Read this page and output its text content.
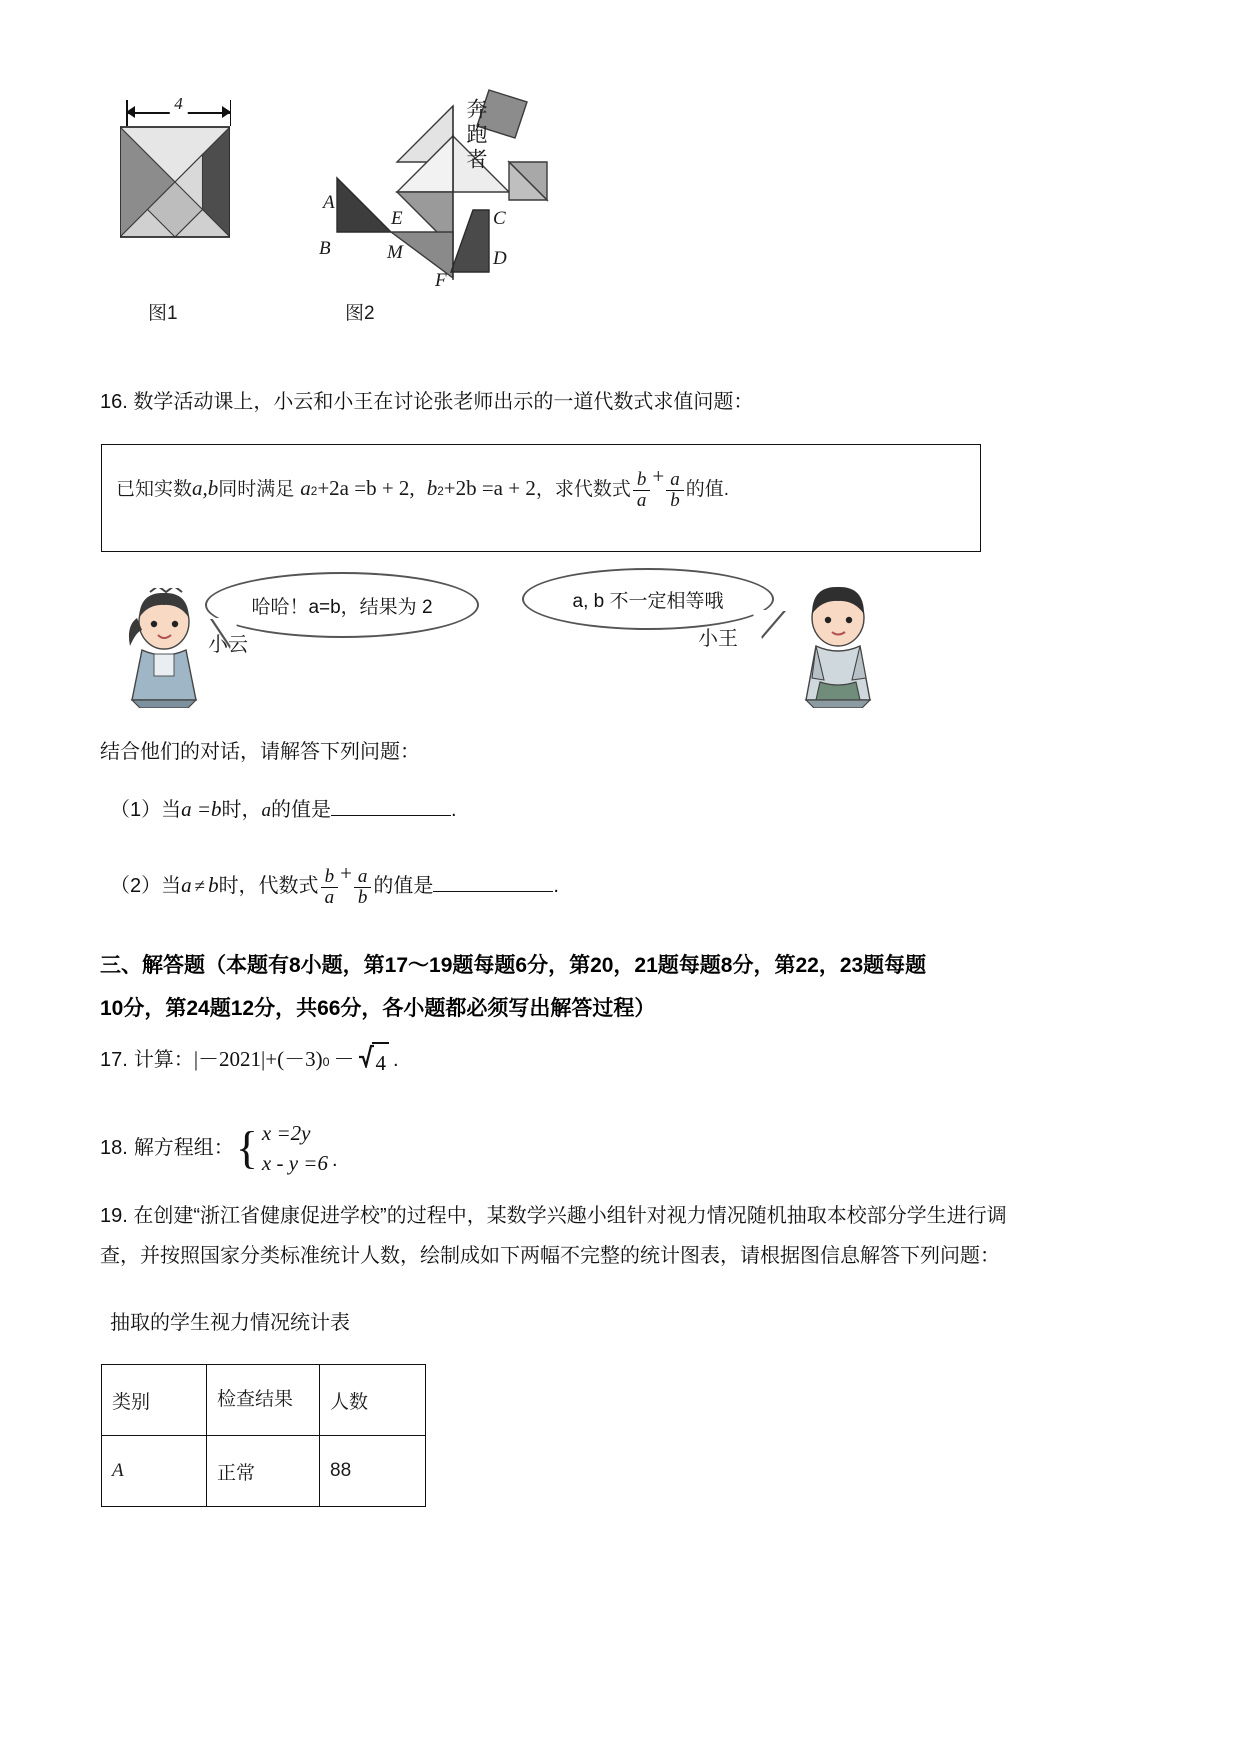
4
A
E
B	M
C
D
F
奔跑者
图1	图2
16. 数学活动课上，小云和小王在讨论张老师出示的一道代数式求值问题：
已知实数 a,b 同时满足 a 2 +2a =b + 2, b 2 +2b =a + 2 ， 求代数式 $\frac{b}{a} + \frac{a}{b}$ 的值.
哈哈！a=b，结果为 2	a, b 不一定相等哦
小云	小王
结合他们的对话，请解答下列问题：
（1）当 a =b 时， a 的值是	.
（2）当 a ≠ b 时，代数式 $\frac{b}{a} + \frac{a}{b}$ 的值是	.
三、解答题（本题有8小题，第17～19题每题6分，第20，21题每题8分，第22，23题每题
10分，第24题12分，共66分，各小题都必须写出解答过程）
17. 计算： |－2021| +(－3) 0 － 4 .
18. 解方程组： { x =2y
x - y =6 .
19. 在创建“浙江省健康促进学校”的过程中，某数学兴趣小组针对视力情况随机抽取本校部分学生进行调
查，并按照国家分类标准统计人数，绘制成如下两幅不完整的统计图表，请根据图信息解答下列问题：
抽取的学生视力情况统计表
类别	检查结果	人数
A	正常	88
